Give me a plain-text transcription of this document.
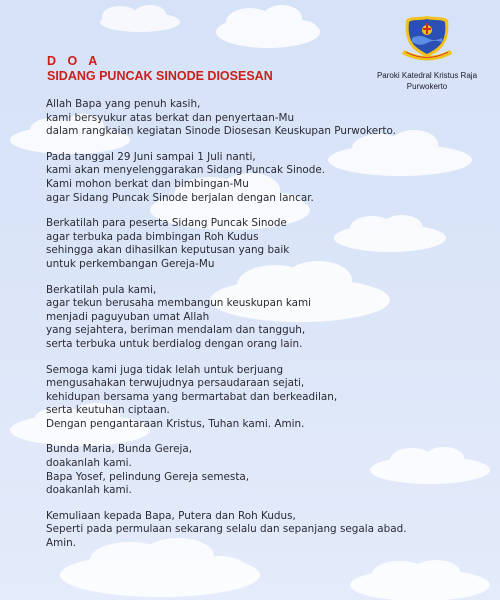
D O A
SIDANG PUNCAK SINODE DIOSESAN	Paroki Katedral Kristus Raja
Purwokerto
Allah Bapa yang penuh kasih,
kami bersyukur atas berkat dan penyertaan-Mu
dalam rangkaian kegiatan Sinode Diosesan Keuskupan Purwokerto.
Pada tanggal 29 Juni sampai 1 Juli nanti,
kami akan menyelenggarakan Sidang Puncak Sinode.
Kami mohon berkat dan bimbingan-Mu
agar Sidang Puncak Sinode berjalan dengan lancar.
Berkatilah para peserta Sidang Puncak Sinode
agar terbuka pada bimbingan Roh Kudus
sehingga akan dihasilkan keputusan yang baik
untuk perkembangan Gereja-Mu
Berkatilah pula kami,
agar tekun berusaha membangun keuskupan kami
menjadi paguyuban umat Allah
yang sejahtera, beriman mendalam dan tangguh,
serta terbuka untuk berdialog dengan orang lain.
Semoga kami juga tidak lelah untuk berjuang
mengusahakan terwujudnya persaudaraan sejati,
kehidupan bersama yang bermartabat dan berkeadilan,
serta keutuhan ciptaan.
Dengan pengantaraan Kristus, Tuhan kami. Amin.
Bunda Maria, Bunda Gereja,
doakanlah kami.
Bapa Yosef, pelindung Gereja semesta,
doakanlah kami.
Kemuliaan kepada Bapa, Putera dan Roh Kudus,
Seperti pada permulaan sekarang selalu dan sepanjang segala abad.
Amin.
